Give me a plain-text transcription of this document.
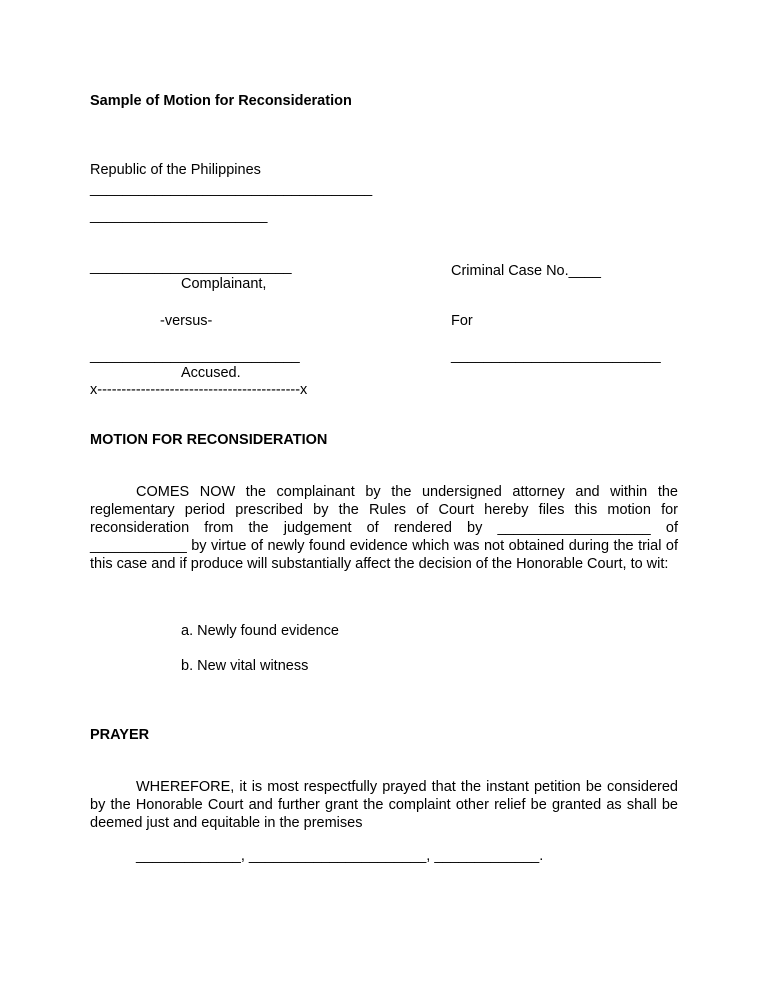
Sample of Motion for Reconsideration

Republic of the Philippines

___________________________________

______________________

_________________________

Complainant,

-versus-

__________________________

Accused.

x------------------------------------------x

Criminal Case No.____

For

__________________________

MOTION FOR RECONSIDERATION

COMES NOW the complainant by the undersigned attorney and within the reglementary period prescribed by the Rules of Court hereby files this motion for reconsideration from the judgement of rendered by ___________________ of ____________ by virtue of newly found evidence which was not obtained during the trial of this case and if produce will substantially affect the decision of the Honorable Court, to wit:

a. Newly found evidence

b. New vital witness

PRAYER

WHEREFORE, it is most respectfully prayed that the instant petition be considered by the Honorable Court and further grant the complaint other relief be granted as shall be deemed just and equitable in the premises

_____________, ______________________, _____________.
